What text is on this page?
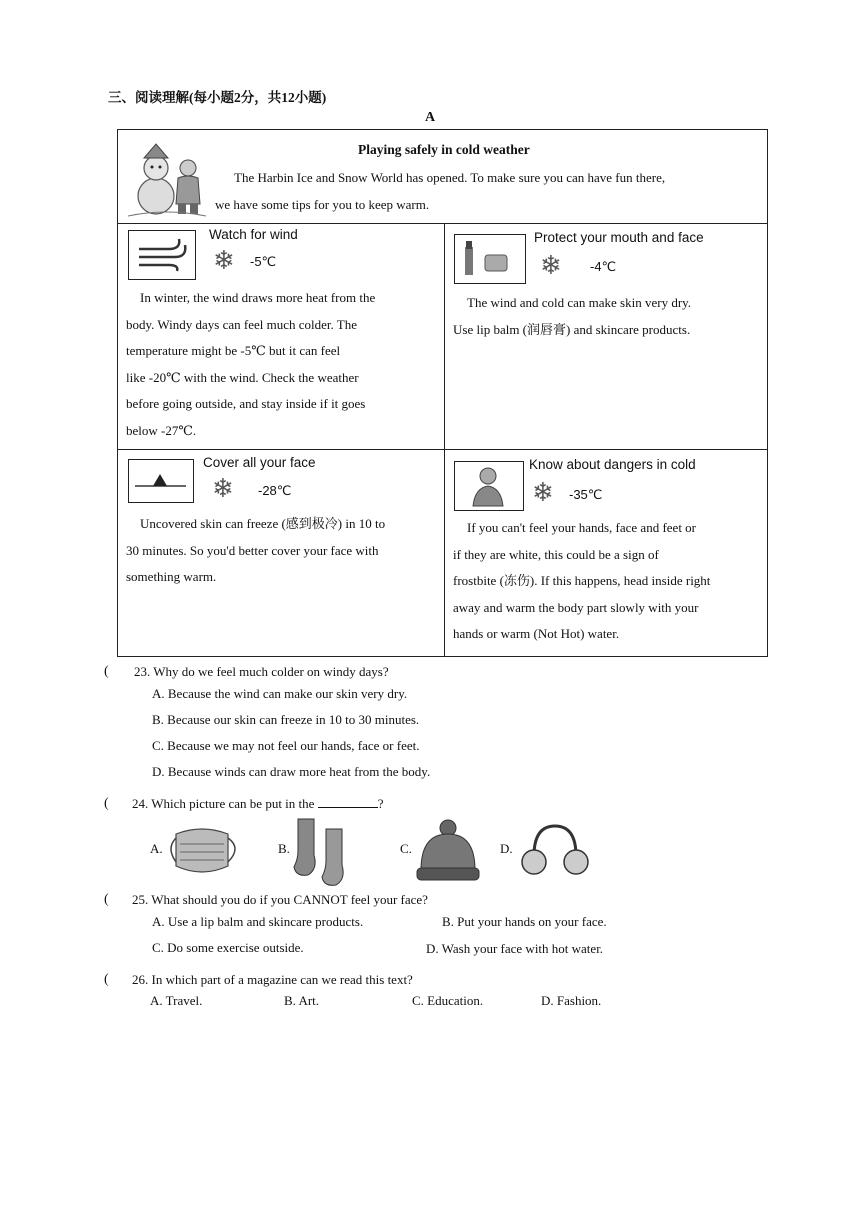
三、阅读理解(每小题2分，共12小题)
A
Playing safely in cold weather
The Harbin Ice and Snow World has opened. To make sure you can have fun there,
we have some tips for you to keep warm.
Watch for wind
❄ -5℃
In winter, the wind draws more heat from the
body. Windy days can feel much colder. The
temperature might be -5℃ but it can feel
like -20℃ with the wind. Check the weather
before going outside, and stay inside if it goes
below -27℃.
Protect your mouth and face
❄ -4℃
The wind and cold can make skin very dry.
Use lip balm (润唇膏) and skincare products.
Cover all your face
❄ -28℃
Uncovered skin can freeze (感到极冷) in 10 to
30 minutes. So you'd better cover your face with
something warm.
Know about dangers in cold
❄ -35℃
If you can't feel your hands, face and feet or
if they are white, this could be a sign of
frostbite (冻伤). If this happens, head inside right
away and warm the body part slowly with your
hands or warm (Not Hot) water.
( 23. Why do we feel much colder on windy days?
A. Because the wind can make our skin very dry.
B. Because our skin can freeze in 10 to 30 minutes.
C. Because we may not feel our hands, face or feet.
D. Because winds can draw more heat from the body.
( 24. Which picture can be put in the	?
A.	B.	C.	D.
( 25. What should you do if you CANNOT feel your face?
A. Use a lip balm and skincare products.	B. Put your hands on your face.
C. Do some exercise outside.	D. Wash your face with hot water.
( 26. In which part of a magazine can we read this text?
A. Travel.	B. Art.	C. Education.	D. Fashion.
